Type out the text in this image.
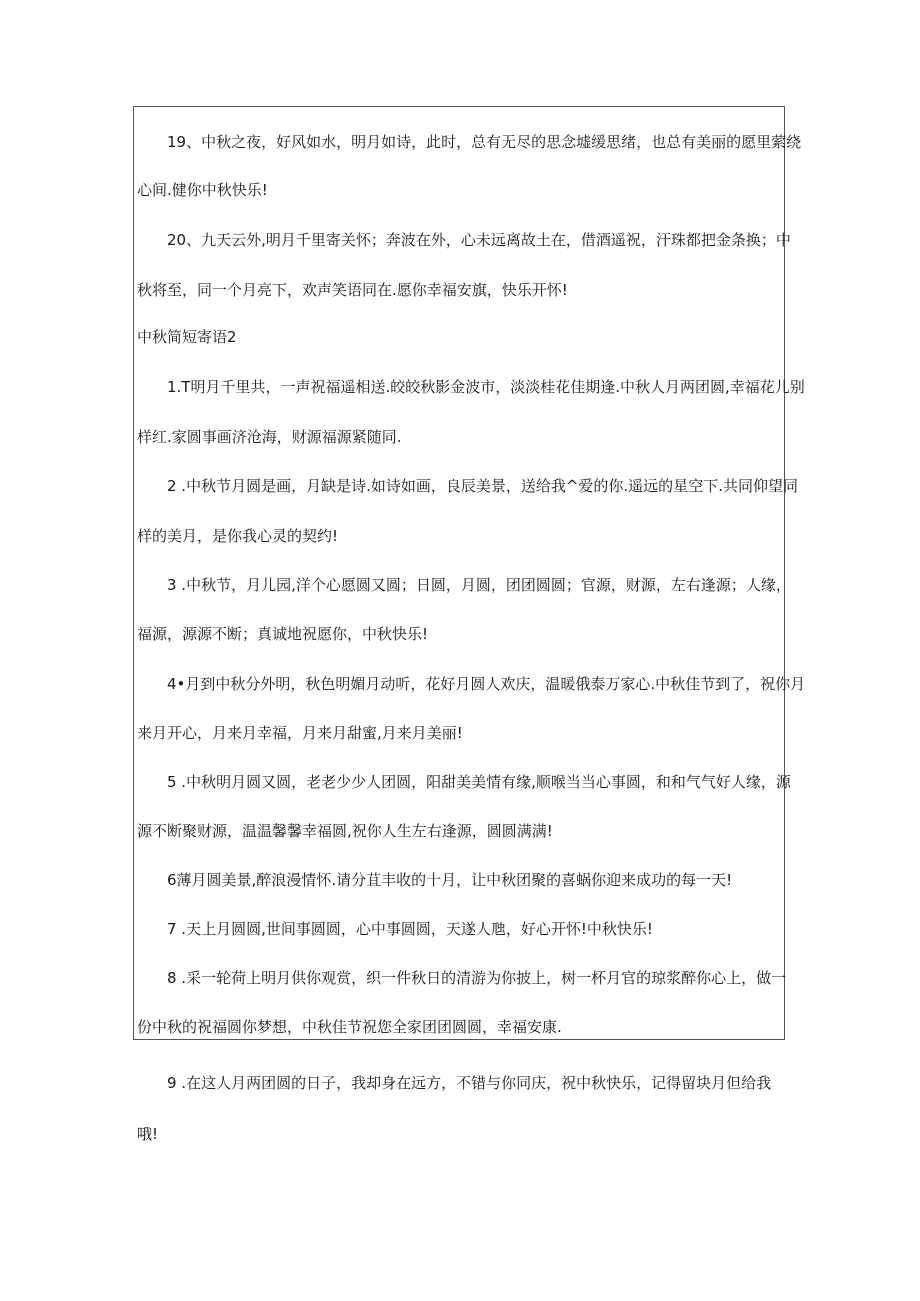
19、中秋之夜，好风如水，明月如诗，此时，总有无尽的思念墟缓思绪，也总有美丽的愿里萦绕

心间.健你中秋快乐!

20、九天云外,明月千里寄关怀；奔波在外，心未远离故土在，借酒遥祝，汗珠都把金条换；中

秋将至，同一个月亮下，欢声笑语同在.愿你幸福安旗，快乐开怀!

中秋简短寄语2

1.T明月千里共，一声祝福遥相送.皎皎秋影金波市，淡淡桂花佳期逢.中秋人月两团圆,幸福花儿别

样红.家圆事画济沧海，财源福源紧随同.

2 .中秋节月圆是画，月缺是诗.如诗如画，良辰美景，送给我^爱的你.遥远的星空下.共同仰望同

样的美月，是你我心灵的契约!

3 .中秋节，月儿园,洋个心愿圆又圆；日圆，月圆，团团圆圆；官源，财源，左右逢源；人缘，

福源，源源不断；真诚地祝愿你，中秋快乐!

4•月到中秋分外明，秋色明媚月动听，花好月圆人欢庆，温暖俄泰万家心.中秋佳节到了，祝你月

来月开心，月来月幸福，月来月甜蜜,月来月美丽!

5 .中秋明月圆又圆，老老少少人团圆，阳甜美美情有缘,顺喉当当心事圆，和和气气好人缘，源

源不断聚财源，温温馨馨幸福圆,祝你人生左右逢源，圆圆满满!

6薄月圆美景,醉浪漫情怀.请分苴丰收的十月，让中秋团聚的喜蜗你迎来成功的每一天!

7 .天上月圆圆,世间事圆圆，心中事圆圆，天遂人虺，好心开怀!中秋快乐!

8 .采一轮荷上明月供你观赏，织一件秋日的清游为你披上，树一杯月官的琼浆醉你心上，做一

份中秋的祝福圆你梦想，中秋佳节祝您全家团团圆圆，幸福安康.

9 .在这人月两团圆的日子，我却身在远方，不错与你同庆，祝中秋快乐，记得留块月但给我

哦!
